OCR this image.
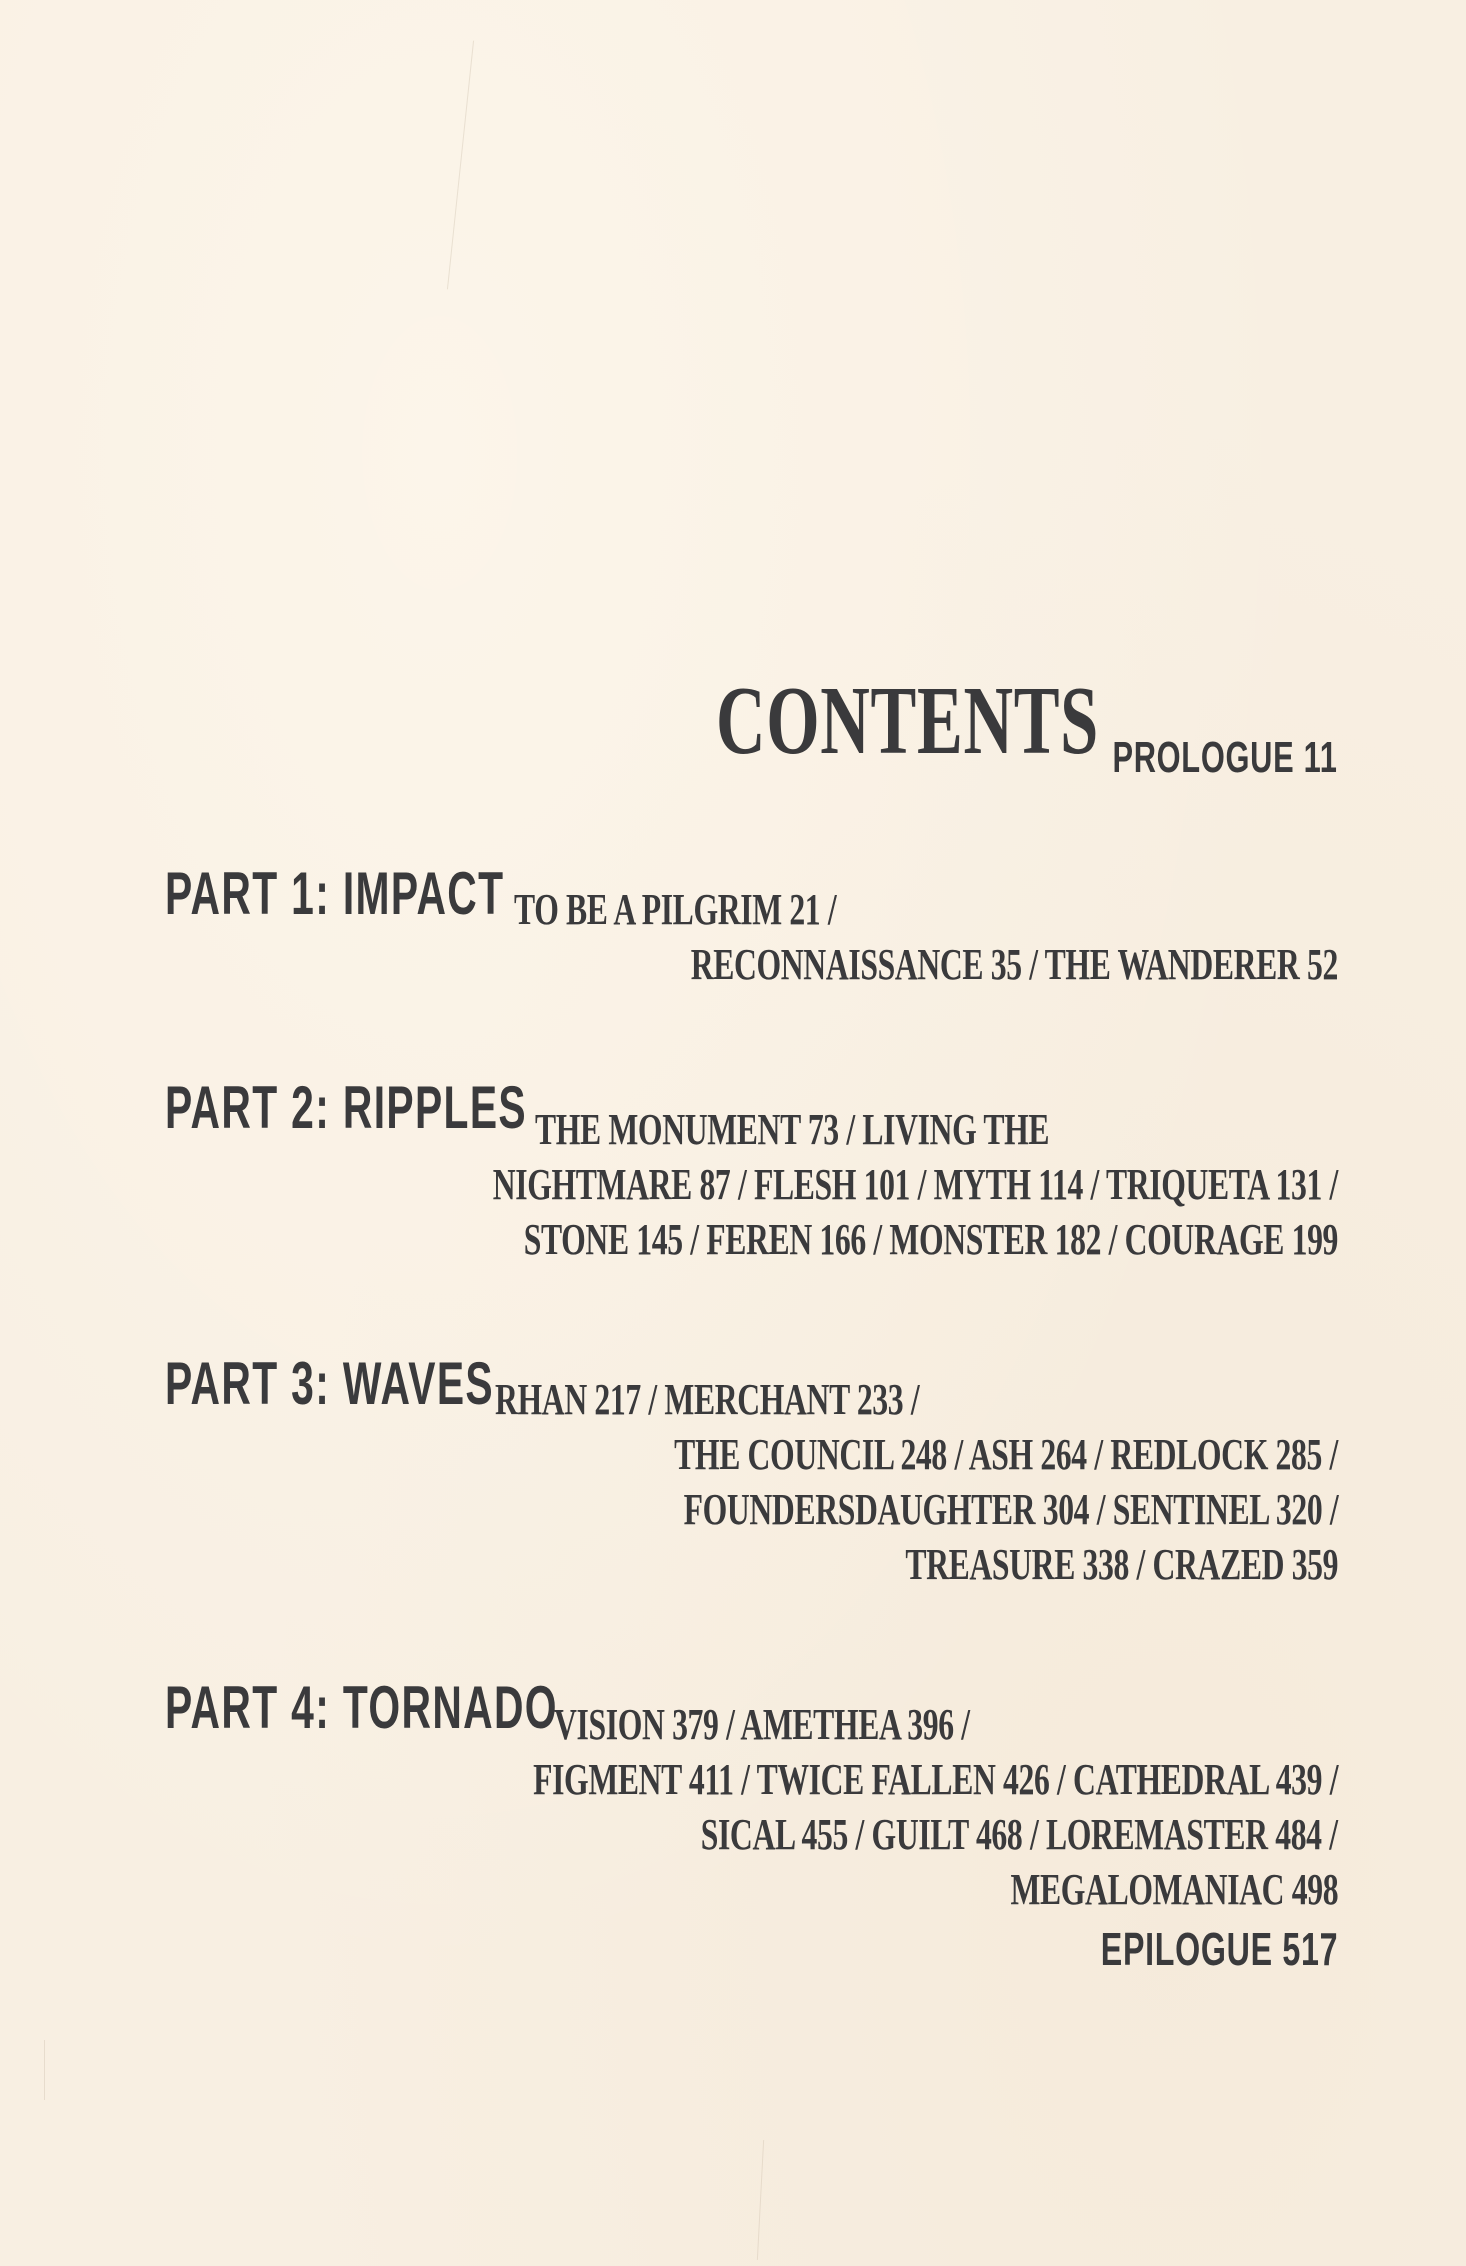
CONTENTS PROLOGUE 11
PART 1: IMPACT TO BE A PILGRIM 21 /
RECONNAISSANCE 35 / THE WANDERER 52
PART 2: RIPPLES THE MONUMENT 73 / LIVING THE
NIGHTMARE 87 / FLESH 101 / MYTH 114 / TRIQUETA 131 /
STONE 145 / FEREN 166 / MONSTER 182 / COURAGE 199
PART 3: WAVES RHAN 217 / MERCHANT 233 /
THE COUNCIL 248 / ASH 264 / REDLOCK 285 /
FOUNDERSDAUGHTER 304 / SENTINEL 320 /
TREASURE 338 / CRAZED 359
PART 4: TORNADO
VISION 379 / AMETHEA 396 /
FIGMENT 411 / TWICE FALLEN 426 / CATHEDRAL 439 /
SICAL 455 / GUILT 468 / LOREMASTER 484 /
MEGALOMANIAC 498
EPILOGUE 517
